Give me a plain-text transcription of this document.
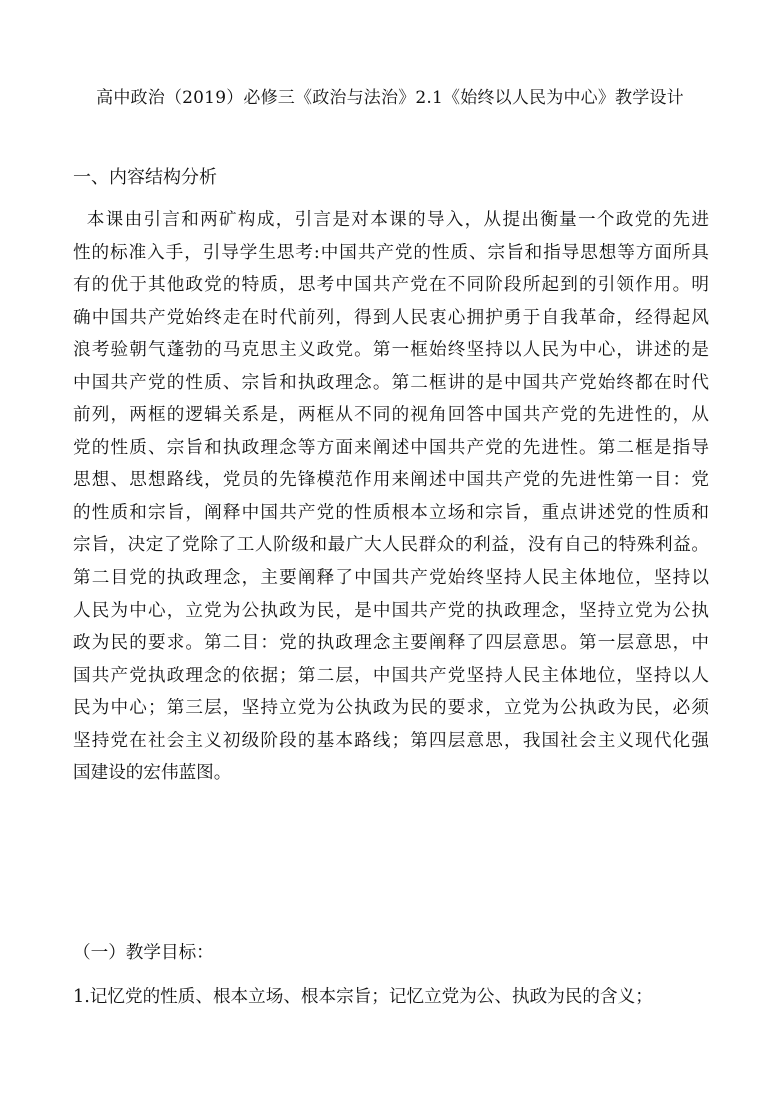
高中政治（2019）必修三《政治与法治》2.1《始终以人民为中心》教学设计
一、内容结构分析
本课由引言和两矿构成，引言是对本课的导入，从提出衡量一个政党的先进
性的标准入手，引导学生思考:中国共产党的性质、宗旨和指导思想等方面所具
有的优于其他政党的特质，思考中国共产党在不同阶段所起到的引领作用。明
确中国共产党始终走在时代前列，得到人民衷心拥护勇于自我革命，经得起风
浪考验朝气蓬勃的马克思主义政党。第一框始终坚持以人民为中心，讲述的是
中国共产党的性质、宗旨和执政理念。第二框讲的是中国共产党始终都在时代
前列，两框的逻辑关系是，两框从不同的视角回答中国共产党的先进性的，从
党的性质、宗旨和执政理念等方面来阐述中国共产党的先进性。第二框是指导
思想、思想路线，党员的先锋模范作用来阐述中国共产党的先进性第一目：党
的性质和宗旨，阐释中国共产党的性质根本立场和宗旨，重点讲述党的性质和
宗旨，决定了党除了工人阶级和最广大人民群众的利益，没有自己的特殊利益。
第二目党的执政理念，主要阐释了中国共产党始终坚持人民主体地位，坚持以
人民为中心，立党为公执政为民，是中国共产党的执政理念，坚持立党为公执
政为民的要求。第二目：党的执政理念主要阐释了四层意思。第一层意思，中
国共产党执政理念的依据；第二层，中国共产党坚持人民主体地位，坚持以人
民为中心；第三层，坚持立党为公执政为民的要求，立党为公执政为民，必须
坚持党在社会主义初级阶段的基本路线；第四层意思，我国社会主义现代化强
国建设的宏伟蓝图。
（一）教学目标：
1.记忆党的性质、根本立场、根本宗旨；记忆立党为公、执政为民的含义；
